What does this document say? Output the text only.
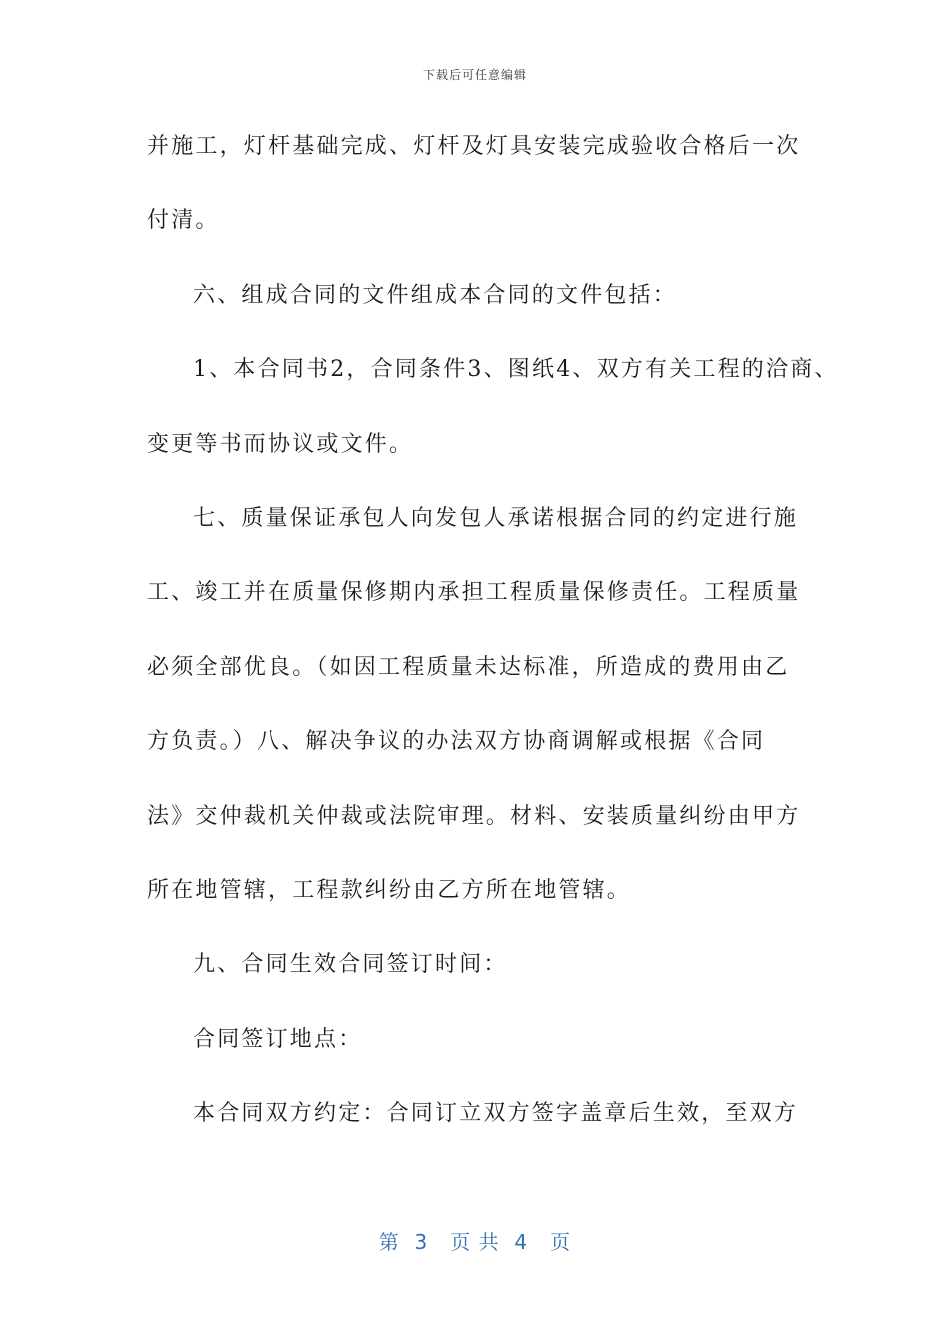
下载后可任意编辑
并施工，灯杆基础完成、灯杆及灯具安装完成验收合格后一次
付清。
六、组成合同的文件组成本合同的文件包括：
1、本合同书2，合同条件3、图纸4、双方有关工程的洽商、
变更等书而协议或文件。
七、质量保证承包人向发包人承诺根据合同的约定进行施
工、竣工并在质量保修期内承担工程质量保修责任。工程质量
必须全部优良。（如因工程质量未达标准，所造成的费用由乙
方负责。）八、解决争议的办法双方协商调解或根据《合同
法》交仲裁机关仲裁或法院审理。材料、安装质量纠纷由甲方
所在地管辖，工程款纠纷由乙方所在地管辖。
九、合同生效合同签订时间：
合同签订地点：
本合同双方约定：合同订立双方签字盖章后生效，至双方
第  3   页 共  4   页
